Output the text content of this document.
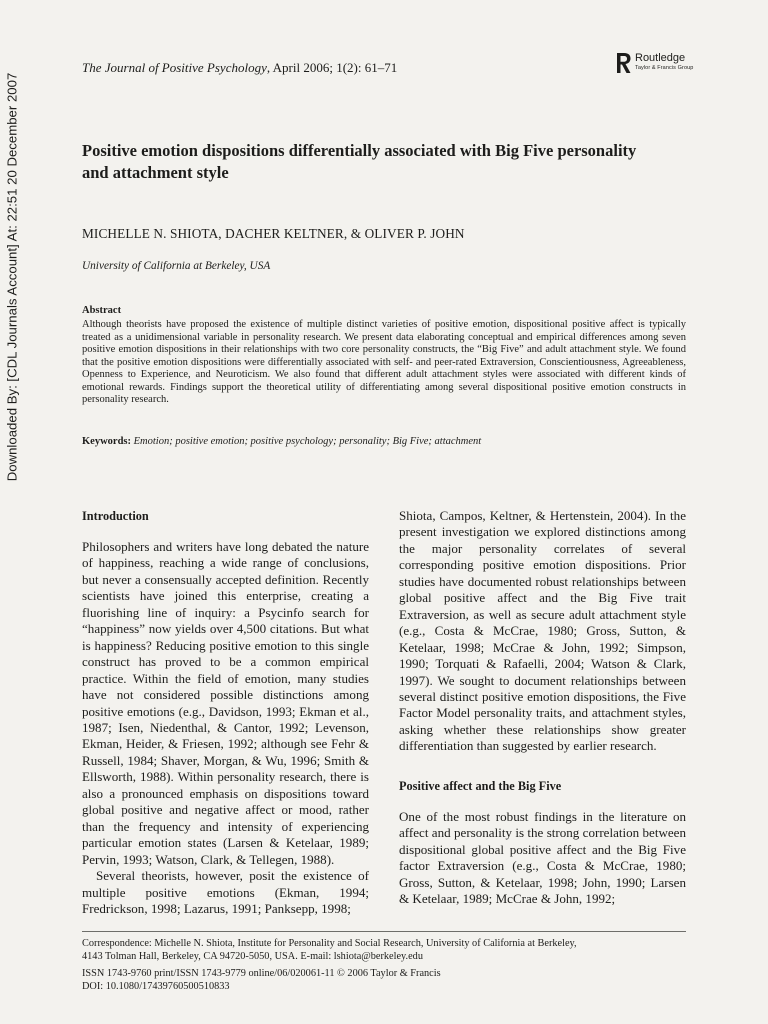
Downloaded By: [CDL Journals Account] At: 22:51 20 December 2007
The Journal of Positive Psychology, April 2006; 1(2): 61–71
Routledge
Taylor & Francis Group
Positive emotion dispositions differentially associated with Big Five personality and attachment style
MICHELLE N. SHIOTA, DACHER KELTNER, & OLIVER P. JOHN
University of California at Berkeley, USA
Abstract

Although theorists have proposed the existence of multiple distinct varieties of positive emotion, dispositional positive affect is typically treated as a unidimensional variable in personality research. We present data elaborating conceptual and empirical differences among seven positive emotion dispositions in their relationships with two core personality constructs, the “Big Five” and adult attachment style. We found that the positive emotion dispositions were differentially associated with self- and peer-rated Extraversion, Conscientiousness, Agreeableness, Openness to Experience, and Neuroticism. We also found that different adult attachment styles were associated with different kinds of emotional rewards. Findings support the theoretical utility of differentiating among several dispositional positive emotion constructs in personality research.

Keywords: Emotion; positive emotion; positive psychology; personality; Big Five; attachment
Introduction

Philosophers and writers have long debated the nature of happiness, reaching a wide range of conclusions, but never a consensually accepted definition. Recently scientists have joined this enterprise, creating a fluorishing line of inquiry: a Psycinfo search for “happiness” now yields over 4,500 citations. But what is happiness? Reducing positive emotion to this single construct has proved to be a common empirical practice. Within the field of emotion, many studies have not considered possible distinctions among positive emotions (e.g., Davidson, 1993; Ekman et al., 1987; Isen, Niedenthal, & Cantor, 1992; Levenson, Ekman, Heider, & Friesen, 1992; although see Fehr & Russell, 1984; Shaver, Morgan, & Wu, 1996; Smith & Ellsworth, 1988). Within personality research, there is also a pronounced emphasis on dispositions toward global positive and negative affect or mood, rather than the frequency and intensity of experiencing particular emotion states (Larsen & Ketelaar, 1989; Pervin, 1993; Watson, Clark, & Tellegen, 1988).

Several theorists, however, posit the existence of multiple positive emotions (Ekman, 1994; Fredrickson, 1998; Lazarus, 1991; Panksepp, 1998;

Shiota, Campos, Keltner, & Hertenstein, 2004). In the present investigation we explored distinctions among the major personality correlates of several corresponding positive emotion dispositions. Prior studies have documented robust relationships between global positive affect and the Big Five trait Extraversion, as well as secure adult attachment style (e.g., Costa & McCrae, 1980; Gross, Sutton, & Ketelaar, 1998; McCrae & John, 1992; Simpson, 1990; Torquati & Rafaelli, 2004; Watson & Clark, 1997). We sought to document relationships between several distinct positive emotion dispositions, the Five Factor Model personality traits, and attachment styles, asking whether these relationships show greater differentiation than suggested by earlier research.

Positive affect and the Big Five

One of the most robust findings in the literature on affect and personality is the strong correlation between dispositional global positive affect and the Big Five factor Extraversion (e.g., Costa & McCrae, 1980; Gross, Sutton, & Ketelaar, 1998; John, 1990; Larsen & Ketelaar, 1989; McCrae & John, 1992;

Correspondence: Michelle N. Shiota, Institute for Personality and Social Research, University of California at Berkeley,
4143 Tolman Hall, Berkeley, CA 94720-5050, USA. E-mail: lshiota@berkeley.edu
ISSN 1743-9760 print/ISSN 1743-9779 online/06/020061-11 © 2006 Taylor & Francis
DOI: 10.1080/17439760500510833
